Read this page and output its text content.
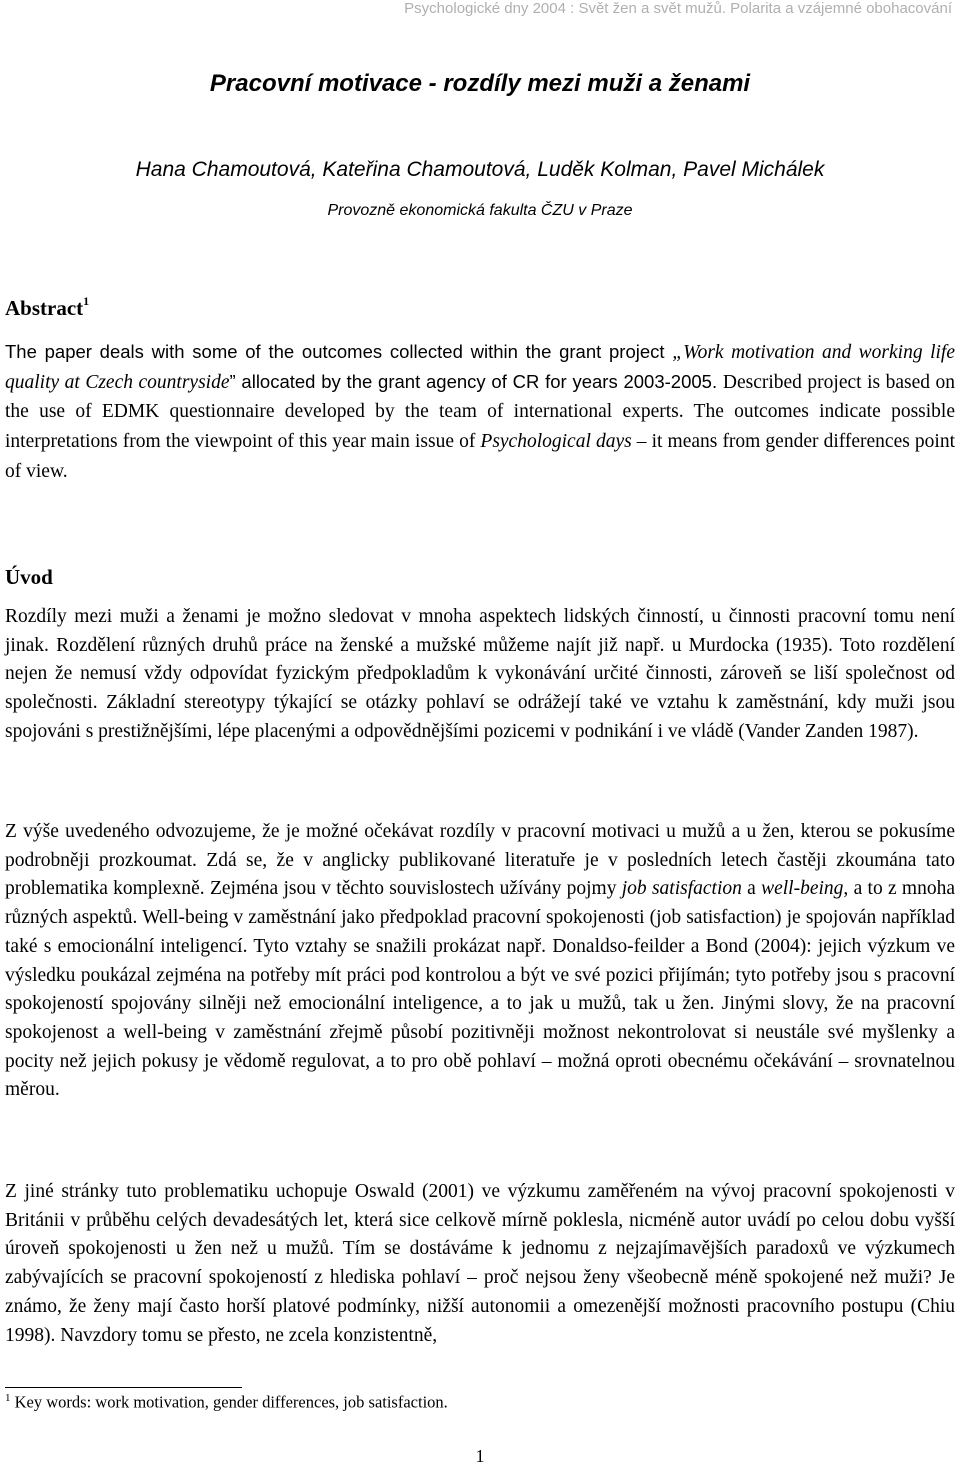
Psychologické dny 2004 : Svět žen a svět mužů. Polarita a vzájemné obohacování
Pracovní motivace - rozdíly mezi muži a ženami
Hana Chamoutová, Kateřina Chamoutová, Luděk Kolman, Pavel Michálek
Provozně ekonomická fakulta ČZU v Praze
Abstract$^1$
The paper deals with some of the outcomes collected within the grant project „Work motivation and working life quality at Czech countryside” allocated by the grant agency of CR for years 2003-2005. Described project is based on the use of EDMK questionnaire developed by the team of international experts. The outcomes indicate possible interpretations from the viewpoint of this year main issue of Psychological days – it means from gender differences point of view.
Úvod
Rozdíly mezi muži a ženami je možno sledovat v mnoha aspektech lidských činností, u činnosti pracovní tomu není jinak. Rozdělení různých druhů práce na ženské a mužské můžeme najít již např. u Murdocka (1935). Toto rozdělení nejen že nemusí vždy odpovídat fyzickým předpokladům k vykonávání určité činnosti, zároveň se liší společnost od společnosti. Základní stereotypy týkající se otázky pohlaví se odrážejí také ve vztahu k zaměstnání, kdy muži jsou spojováni s prestižnějšími, lépe placenými a odpovědnějšími pozicemi v podnikání i ve vládě (Vander Zanden 1987).
Z výše uvedeného odvozujeme, že je možné očekávat rozdíly v pracovní motivaci u mužů a u žen, kterou se pokusíme podrobněji prozkoumat. Zdá se, že v anglicky publikované literatuře je v posledních letech častěji zkoumána tato problematika komplexně. Zejména jsou v těchto souvislostech užívány pojmy job satisfaction a well-being, a to z mnoha různých aspektů. Well-being v zaměstnání jako předpoklad pracovní spokojenosti (job satisfaction) je spojován například také s emocionální inteligencí. Tyto vztahy se snažili prokázat např. Donaldso-feilder a Bond (2004): jejich výzkum ve výsledku poukázal zejména na potřeby mít práci pod kontrolou a být ve své pozici přijímán; tyto potřeby jsou s pracovní spokojeností spojovány silněji než emocionální inteligence, a to jak u mužů, tak u žen. Jinými slovy, že na pracovní spokojenost a well-being v zaměstnání zřejmě působí pozitivněji možnost nekontrolovat si neustále své myšlenky a pocity než jejich pokusy je vědomě regulovat, a to pro obě pohlaví – možná oproti obecnému očekávání – srovnatelnou měrou.
Z jiné stránky tuto problematiku uchopuje Oswald (2001) ve výzkumu zaměřeném na vývoj pracovní spokojenosti v Británii v průběhu celých devadesátých let, která sice celkově mírně poklesla, nicméně autor uvádí po celou dobu vyšší úroveň spokojenosti u žen než u mužů. Tím se dostáváme k jednomu z nejzajímavějších paradoxů ve výzkumech zabývajících se pracovní spokojeností z hlediska pohlaví – proč nejsou ženy všeobecně méně spokojené než muži? Je známo, že ženy mají často horší platové podmínky, nižší autonomii a omezenější možnosti pracovního postupu (Chiu 1998). Navzdory tomu se přesto, ne zcela konzistentně,
$^1$ Key words: work motivation, gender differences, job satisfaction.
1
